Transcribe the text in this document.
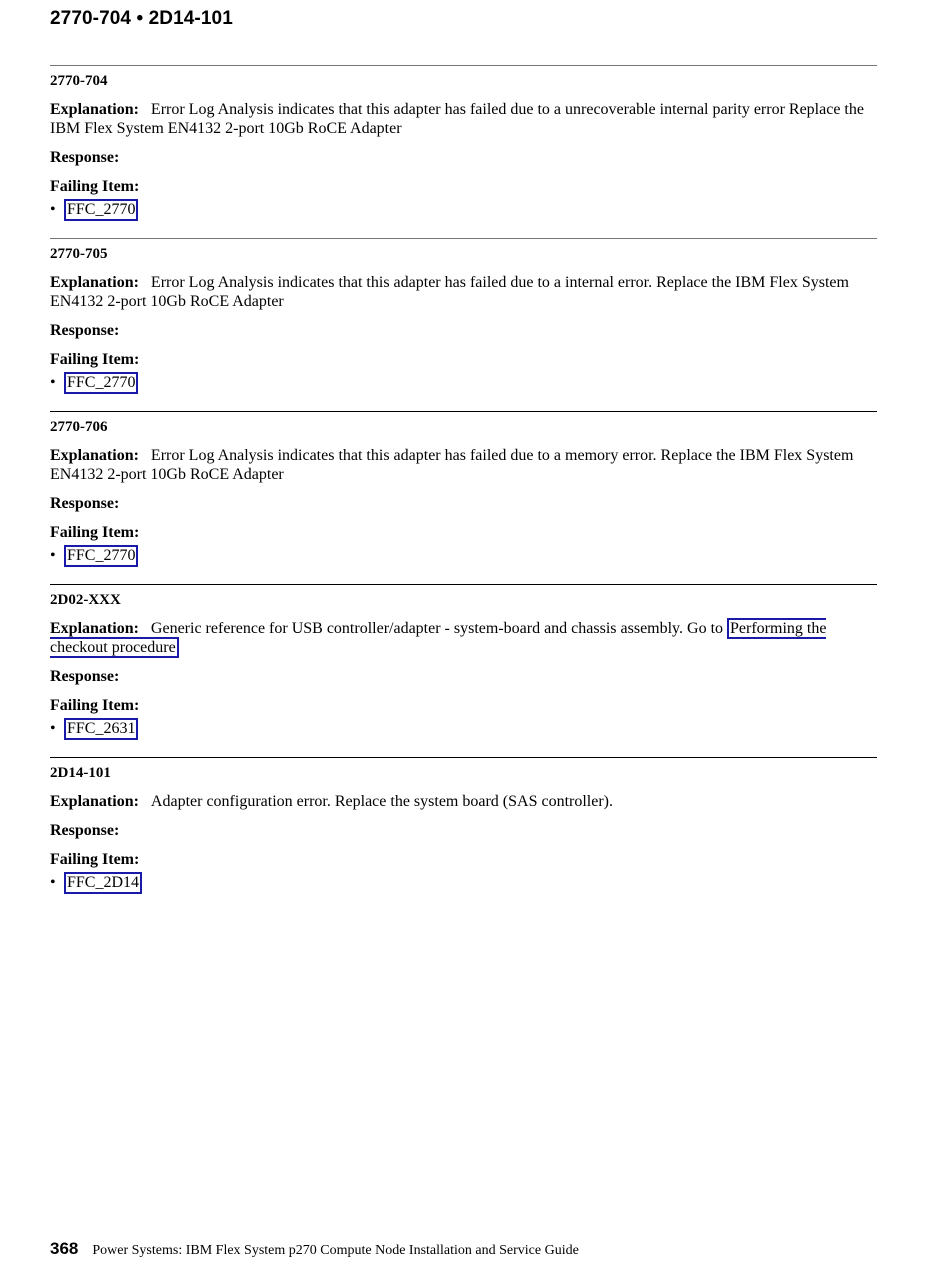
2770-704 • 2D14-101
2770-704
Explanation: Error Log Analysis indicates that this adapter has failed due to a unrecoverable internal parity error Replace the IBM Flex System EN4132 2-port 10Gb RoCE Adapter
Response:
Failing Item:
• FFC_2770
2770-705
Explanation: Error Log Analysis indicates that this adapter has failed due to a internal error. Replace the IBM Flex System EN4132 2-port 10Gb RoCE Adapter
Response:
Failing Item:
• FFC_2770
2770-706
Explanation: Error Log Analysis indicates that this adapter has failed due to a memory error. Replace the IBM Flex System EN4132 2-port 10Gb RoCE Adapter
Response:
Failing Item:
• FFC_2770
2D02-XXX
Explanation: Generic reference for USB controller/adapter - system-board and chassis assembly. Go to Performing the checkout procedure
Response:
Failing Item:
• FFC_2631
2D14-101
Explanation: Adapter configuration error. Replace the system board (SAS controller).
Response:
Failing Item:
• FFC_2D14
368 Power Systems: IBM Flex System p270 Compute Node Installation and Service Guide
